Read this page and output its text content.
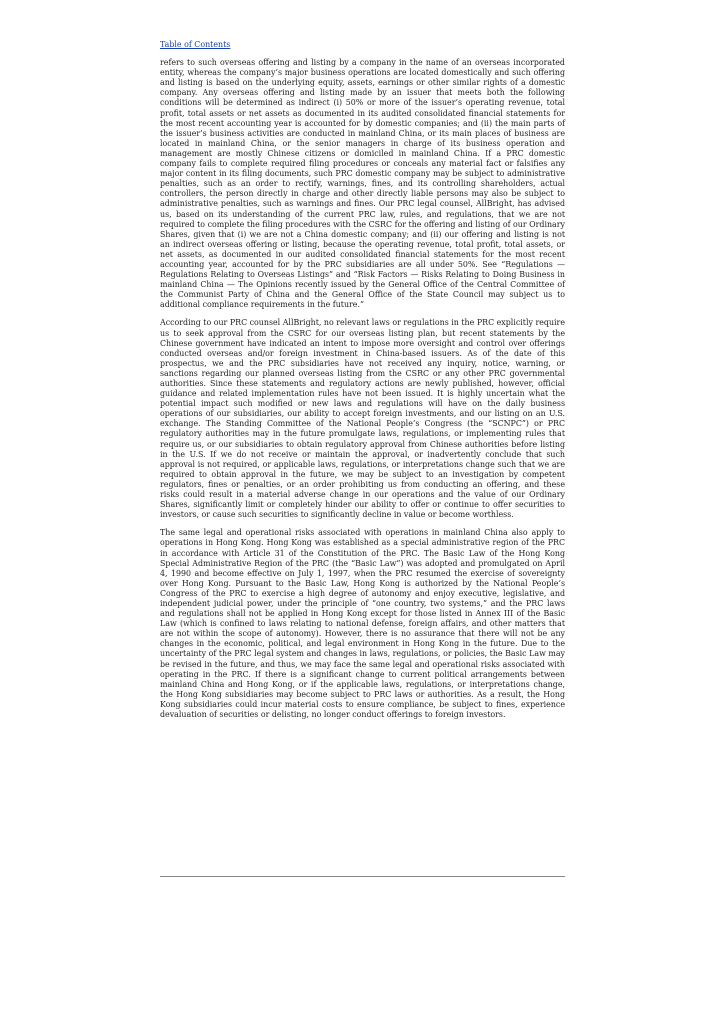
Table of Contents

refers to such overseas offering and listing by a company in the name of an overseas incorporated entity, whereas the company’s major business operations are located domestically and such offering and listing is based on the underlying equity, assets, earnings or other similar rights of a domestic company. Any overseas offering and listing made by an issuer that meets both the following conditions will be determined as indirect (i) 50% or more of the issuer’s operating revenue, total profit, total assets or net assets as documented in its audited consolidated financial statements for the most recent accounting year is accounted for by domestic companies; and (ii) the main parts of the issuer’s business activities are conducted in mainland China, or its main places of business are located in mainland China, or the senior managers in charge of its business operation and management are mostly Chinese citizens or domiciled in mainland China. If a PRC domestic company fails to complete required filing procedures or conceals any material fact or falsifies any major content in its filing documents, such PRC domestic company may be subject to administrative penalties, such as an order to rectify, warnings, fines, and its controlling shareholders, actual controllers, the person directly in charge and other directly liable persons may also be subject to administrative penalties, such as warnings and fines. Our PRC legal counsel, AllBright, has advised us, based on its understanding of the current PRC law, rules, and regulations, that we are not required to complete the filing procedures with the CSRC for the offering and listing of our Ordinary Shares, given that (i) we are not a China domestic company; and (ii) our offering and listing is not an indirect overseas offering or listing, because the operating revenue, total profit, total assets, or net assets, as documented in our audited consolidated financial statements for the most recent accounting year, accounted for by the PRC subsidiaries are all under 50%. See “Regulations — Regulations Relating to Overseas Listings” and “Risk Factors — Risks Relating to Doing Business in mainland China — The Opinions recently issued by the General Office of the Central Committee of the Communist Party of China and the General Office of the State Council may subject us to additional compliance requirements in the future.”

According to our PRC counsel AllBright, no relevant laws or regulations in the PRC explicitly require us to seek approval from the CSRC for our overseas listing plan, but recent statements by the Chinese government have indicated an intent to impose more oversight and control over offerings conducted overseas and/or foreign investment in China-based issuers. As of the date of this prospectus, we and the PRC subsidiaries have not received any inquiry, notice, warning, or sanctions regarding our planned overseas listing from the CSRC or any other PRC governmental authorities. Since these statements and regulatory actions are newly published, however, official guidance and related implementation rules have not been issued. It is highly uncertain what the potential impact such modified or new laws and regulations will have on the daily business operations of our subsidiaries, our ability to accept foreign investments, and our listing on an U.S. exchange. The Standing Committee of the National People’s Congress (the “SCNPC”) or PRC regulatory authorities may in the future promulgate laws, regulations, or implementing rules that require us, or our subsidiaries to obtain regulatory approval from Chinese authorities before listing in the U.S. If we do not receive or maintain the approval, or inadvertently conclude that such approval is not required, or applicable laws, regulations, or interpretations change such that we are required to obtain approval in the future, we may be subject to an investigation by competent regulators, fines or penalties, or an order prohibiting us from conducting an offering, and these risks could result in a material adverse change in our operations and the value of our Ordinary Shares, significantly limit or completely hinder our ability to offer or continue to offer securities to investors, or cause such securities to significantly decline in value or become worthless.

The same legal and operational risks associated with operations in mainland China also apply to operations in Hong Kong. Hong Kong was established as a special administrative region of the PRC in accordance with Article 31 of the Constitution of the PRC. The Basic Law of the Hong Kong Special Administrative Region of the PRC (the “Basic Law”) was adopted and promulgated on April 4, 1990 and become effective on July 1, 1997, when the PRC resumed the exercise of sovereignty over Hong Kong. Pursuant to the Basic Law, Hong Kong is authorized by the National People’s Congress of the PRC to exercise a high degree of autonomy and enjoy executive, legislative, and independent judicial power, under the principle of “one country, two systems,” and the PRC laws and regulations shall not be applied in Hong Kong except for those listed in Annex III of the Basic Law (which is confined to laws relating to national defense, foreign affairs, and other matters that are not within the scope of autonomy). However, there is no assurance that there will not be any changes in the economic, political, and legal environment in Hong Kong in the future. Due to the uncertainty of the PRC legal system and changes in laws, regulations, or policies, the Basic Law may be revised in the future, and thus, we may face the same legal and operational risks associated with operating in the PRC. If there is a significant change to current political arrangements between mainland China and Hong Kong, or if the applicable laws, regulations, or interpretations change, the Hong Kong subsidiaries may become subject to PRC laws or authorities. As a result, the Hong Kong subsidiaries could incur material costs to ensure compliance, be subject to fines, experience devaluation of securities or delisting, no longer conduct offerings to foreign investors.
